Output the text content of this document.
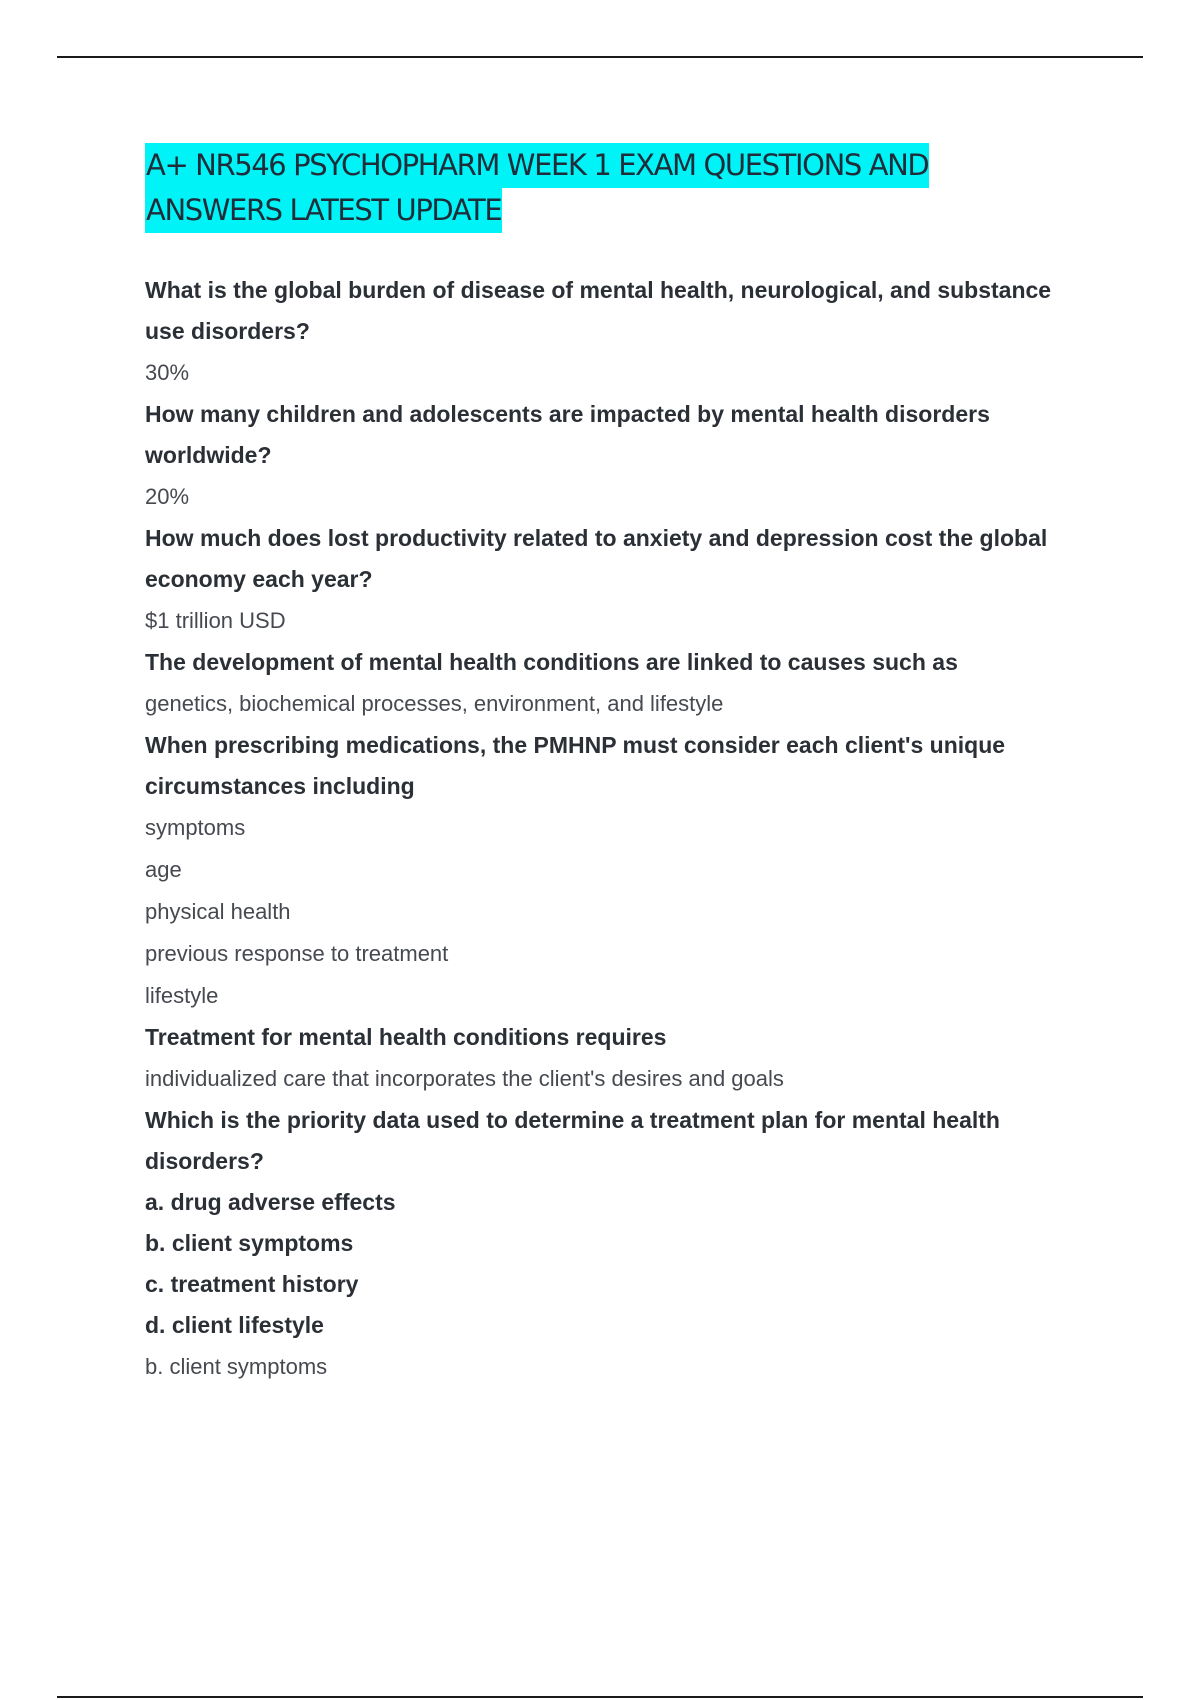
A+ NR546 PSYCHOPHARM WEEK 1 EXAM QUESTIONS AND
ANSWERS LATEST UPDATE

What is the global burden of disease of mental health, neurological, and substance use disorders?

30%

How many children and adolescents are impacted by mental health disorders worldwide?

20%

How much does lost productivity related to anxiety and depression cost the global economy each year?

$1 trillion USD

The development of mental health conditions are linked to causes such as

genetics, biochemical processes, environment, and lifestyle

When prescribing medications, the PMHNP must consider each client's unique circumstances including

symptoms

age

physical health

previous response to treatment

lifestyle

Treatment for mental health conditions requires

individualized care that incorporates the client's desires and goals

Which is the priority data used to determine a treatment plan for mental health disorders?

a. drug adverse effects

b. client symptoms

c. treatment history

d. client lifestyle

b. client symptoms
